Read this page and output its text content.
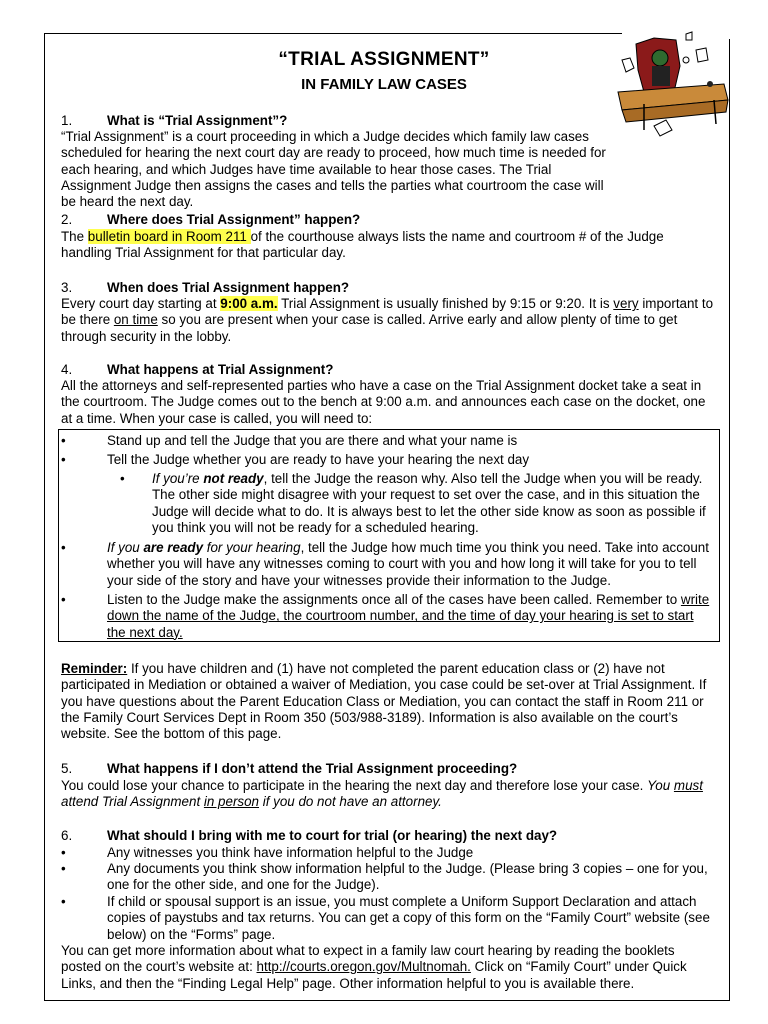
“TRIAL ASSIGNMENT”
IN FAMILY LAW CASES
1.	What is “Trial Assignment”?
“Trial Assignment” is a court proceeding in which a Judge decides which family law cases scheduled for hearing the next court day are ready to proceed, how much time is needed for each hearing, and which Judges have time available to hear those cases. The Trial Assignment Judge then assigns the cases and tells the parties what courtroom the case will be heard the next day.
2.	Where does Trial Assignment” happen?
The bulletin board in Room 211 of the courthouse always lists the name and courtroom # of the Judge handling Trial Assignment for that particular day.
3.	When does Trial Assignment happen?
Every court day starting at 9:00 a.m. Trial Assignment is usually finished by 9:15 or 9:20. It is very important to be there on time so you are present when your case is called. Arrive early and allow plenty of time to get through security in the lobby.
4.	What happens at Trial Assignment?
All the attorneys and self-represented parties who have a case on the Trial Assignment docket take a seat in the courtroom. The Judge comes out to the bench at 9:00 a.m. and announces each case on the docket, one at a time. When your case is called, you will need to:
•	Stand up and tell the Judge that you are there and what your name is
•	Tell the Judge whether you are ready to have your hearing the next day
• If you’re not ready, tell the Judge the reason why. Also tell the Judge when you will be ready. The other side might disagree with your request to set over the case, and in this situation the Judge will decide what to do. It is always best to let the other side know as soon as possible if you think you will not be ready for a scheduled hearing.
•	If you are ready for your hearing, tell the Judge how much time you think you need. Take into account whether you will have any witnesses coming to court with you and how long it will take for you to tell your side of the story and have your witnesses provide their information to the Judge.
•	Listen to the Judge make the assignments once all of the cases have been called. Remember to write down the name of the Judge, the courtroom number, and the time of day your hearing is set to start the next day.
Reminder: If you have children and (1) have not completed the parent education class or (2) have not participated in Mediation or obtained a waiver of Mediation, you case could be set-over at Trial Assignment. If you have questions about the Parent Education Class or Mediation, you can contact the staff in Room 211 or the Family Court Services Dept in Room 350 (503/988-3189). Information is also available on the court’s website. See the bottom of this page.
5.	What happens if I don’t attend the Trial Assignment proceeding?
You could lose your chance to participate in the hearing the next day and therefore lose your case. You must attend Trial Assignment in person if you do not have an attorney.
6.	What should I bring with me to court for trial (or hearing) the next day?
•	Any witnesses you think have information helpful to the Judge
•	Any documents you think show information helpful to the Judge. (Please bring 3 copies – one for you, one for the other side, and one for the Judge).
•	If child or spousal support is an issue, you must complete a Uniform Support Declaration and attach copies of paystubs and tax returns. You can get a copy of this form on the “Family Court” website (see below) on the “Forms” page.
You can get more information about what to expect in a family law court hearing by reading the booklets posted on the court’s website at: http://courts.oregon.gov/Multnomah. Click on “Family Court” under Quick Links, and then the “Finding Legal Help” page. Other information helpful to you is available there.
